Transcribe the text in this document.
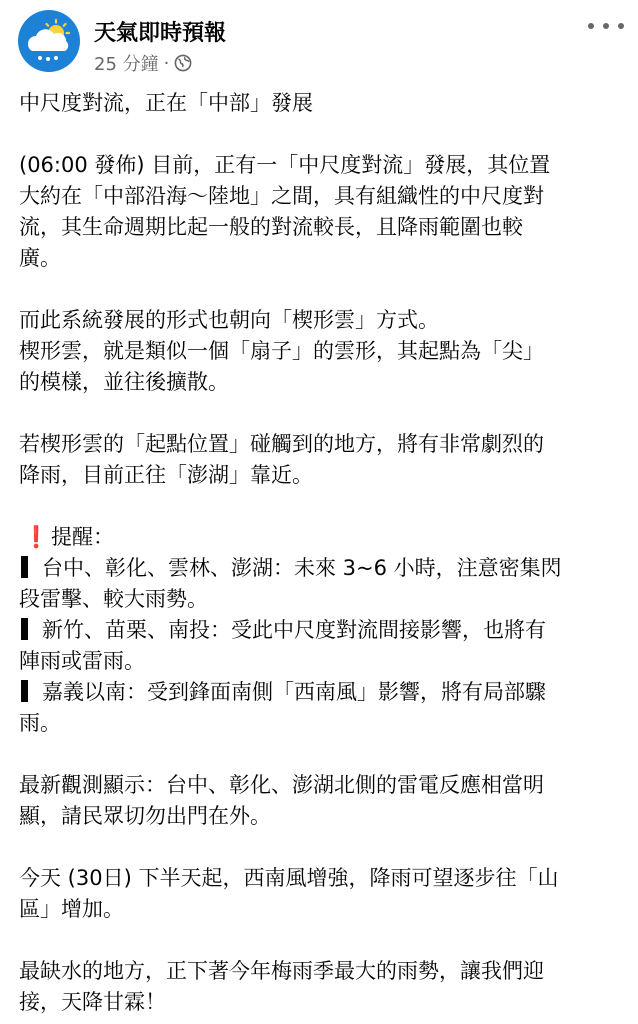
天氣即時預報
25 分鐘 ·
中尺度對流，正在「中部」發展
(06:00 發佈) 目前，正有一「中尺度對流」發展，其位置
大約在「中部沿海～陸地」之間，具有組織性的中尺度對
流，其生命週期比起一般的對流較長，且降雨範圍也較
廣。
而此系統發展的形式也朝向「楔形雲」方式。
楔形雲，就是類似一個「扇子」的雲形，其起點為「尖」
的模樣，並往後擴散。
若楔形雲的「起點位置」碰觸到的地方，將有非常劇烈的
降雨，目前正往「澎湖」靠近。
❗提醒：
台中、彰化、雲林、澎湖：未來 3~6 小時，注意密集閃
段雷擊、較大雨勢。
新竹、苗栗、南投：受此中尺度對流間接影響，也將有
陣雨或雷雨。
嘉義以南：受到鋒面南側「西南風」影響，將有局部驟
雨。
最新觀測顯示：台中、彰化、澎湖北側的雷電反應相當明
顯，請民眾切勿出門在外。
今天 (30日) 下半天起，西南風增強，降雨可望逐步往「山
區」增加。
最缺水的地方，正下著今年梅雨季最大的雨勢，讓我們迎
接，天降甘霖！
